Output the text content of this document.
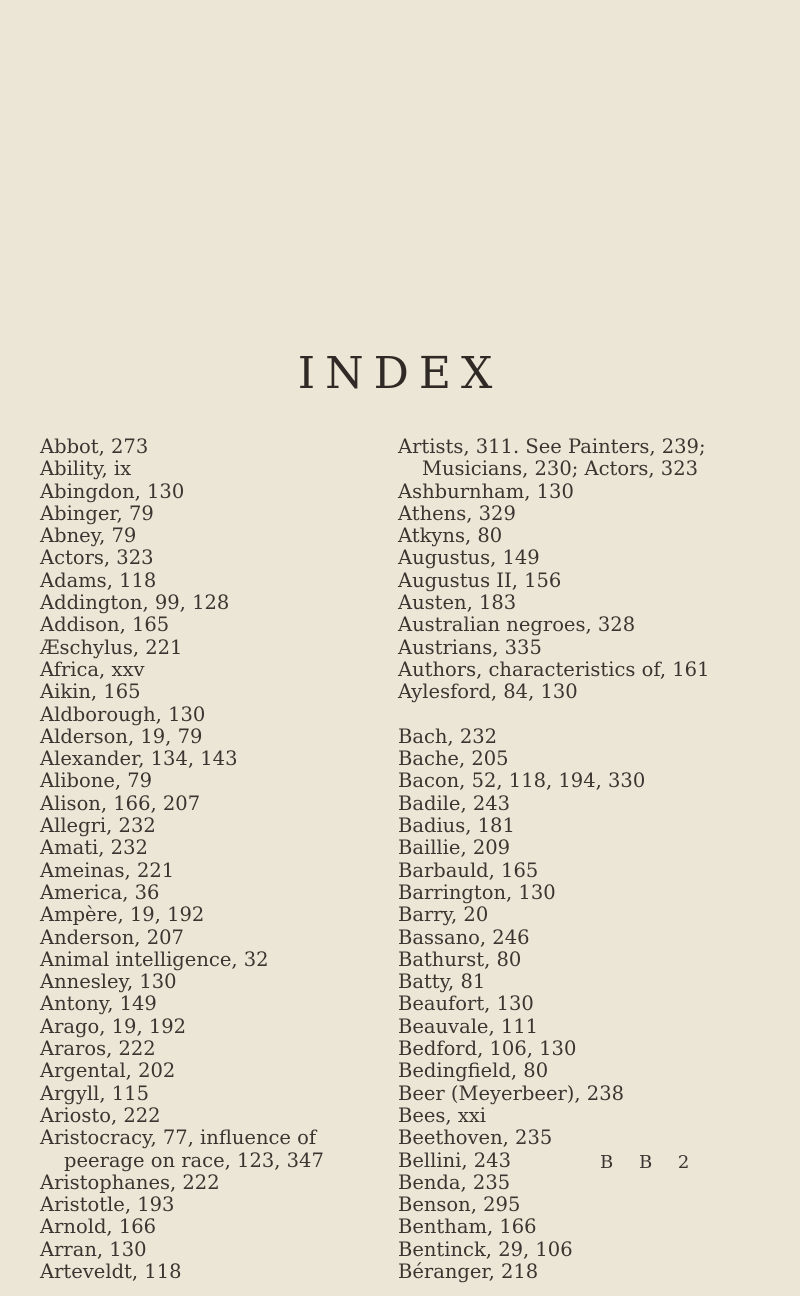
INDEX
Abbot, 273
Ability, ix
Abingdon, 130
Abinger, 79
Abney, 79
Actors, 323
Adams, 118
Addington, 99, 128
Addison, 165
Æschylus, 221
Africa, xxv
Aikin, 165
Aldborough, 130
Alderson, 19, 79
Alexander, 134, 143
Alibone, 79
Alison, 166, 207
Allegri, 232
Amati, 232
Ameinas, 221
America, 36
Ampère, 19, 192
Anderson, 207
Animal intelligence, 32
Annesley, 130
Antony, 149
Arago, 19, 192
Araros, 222
Argental, 202
Argyll, 115
Ariosto, 222
Aristocracy, 77, influence of peerage on race, 123, 347
Aristophanes, 222
Aristotle, 193
Arnold, 166
Arran, 130
Arteveldt, 118
Artists, 311. See Painters, 239; Musicians, 230; Actors, 323
Ashburnham, 130
Athens, 329
Atkyns, 80
Augustus, 149
Augustus II, 156
Austen, 183
Australian negroes, 328
Austrians, 335
Authors, characteristics of, 161
Aylesford, 84, 130
Bach, 232
Bache, 205
Bacon, 52, 118, 194, 330
Badile, 243
Badius, 181
Baillie, 209
Barbauld, 165
Barrington, 130
Barry, 20
Bassano, 246
Bathurst, 80
Batty, 81
Beaufort, 130
Beauvale, 111
Bedford, 106, 130
Bedingfield, 80
Beer (Meyerbeer), 238
Bees, xxi
Beethoven, 235
Bellini, 243
Benda, 235
Benson, 295
Bentham, 166
Bentinck, 29, 106
Béranger, 218
B B 2
